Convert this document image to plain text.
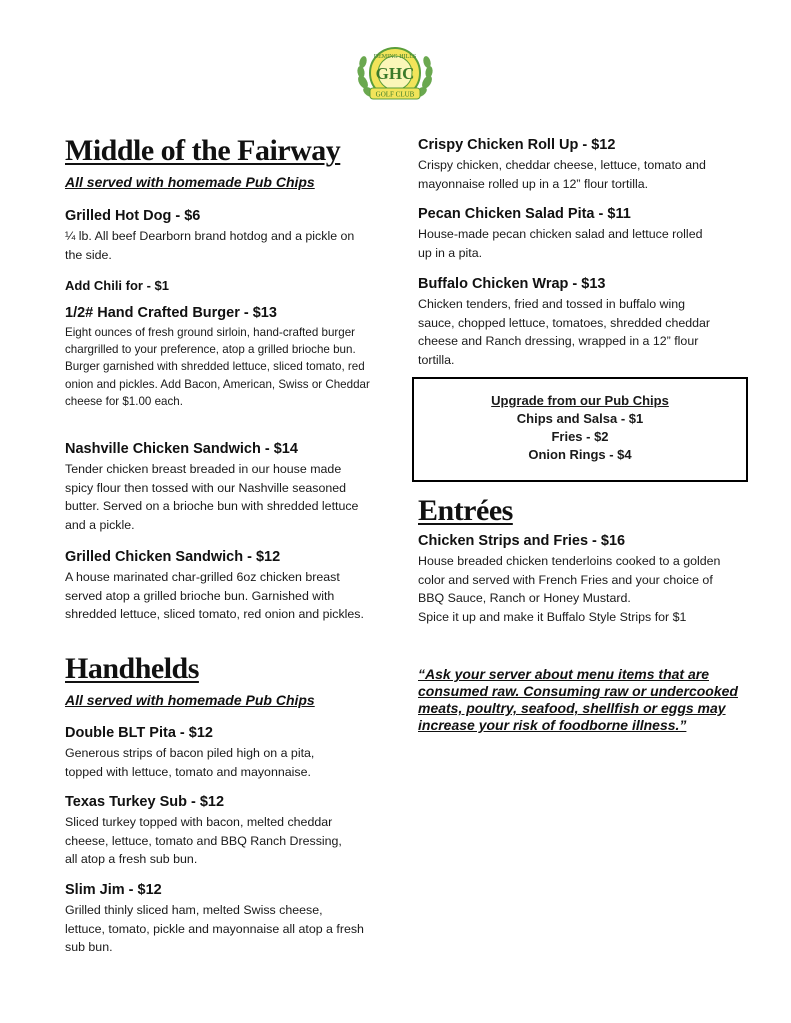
DEMING HILLS
GHC
GOLF CLUB
Middle of the Fairway

All served with homemade Pub Chips

Grilled Hot Dog - $6

¼ lb. All beef Dearborn brand hotdog and a pickle on the side.

Add Chili for - $1

1/2# Hand Crafted Burger - $13

Eight ounces of fresh ground sirloin, hand-crafted burger chargrilled to your preference, atop a grilled brioche bun. Burger garnished with shredded lettuce, sliced tomato, red onion and pickles. Add Bacon, American, Swiss or Cheddar cheese for $1.00 each.

Nashville Chicken Sandwich - $14

Tender chicken breast breaded in our house made spicy flour then tossed with our Nashville seasoned butter. Served on a brioche bun with shredded lettuce and a pickle.

Grilled Chicken Sandwich - $12

A house marinated char-grilled 6oz chicken breast served atop a grilled brioche bun. Garnished with shredded lettuce, sliced tomato, red onion and pickles.

Handhelds

All served with homemade Pub Chips

Double BLT Pita - $12

Generous strips of bacon piled high on a pita, topped with lettuce, tomato and mayonnaise.

Texas Turkey Sub - $12

Sliced turkey topped with bacon, melted cheddar cheese, lettuce, tomato and BBQ Ranch Dressing, all atop a fresh sub bun.

Slim Jim - $12

Grilled thinly sliced ham, melted Swiss cheese, lettuce, tomato, pickle and mayonnaise all atop a fresh sub bun.

Crispy Chicken Roll Up - $12

Crispy chicken, cheddar cheese, lettuce, tomato and mayonnaise rolled up in a 12” flour tortilla.

Pecan Chicken Salad Pita - $11

House-made pecan chicken salad and lettuce rolled up in a pita.

Buffalo Chicken Wrap - $13

Chicken tenders, fried and tossed in buffalo wing sauce, chopped lettuce, tomatoes, shredded cheddar cheese and Ranch dressing, wrapped in a 12” flour tortilla.

Entrées

Chicken Strips and Fries - $16

House breaded chicken tenderloins cooked to a golden color and served with French Fries and your choice of BBQ Sauce, Ranch or Honey Mustard.

Spice it up and make it Buffalo Style Strips for $1

Upgrade from our Pub Chips
Chips and Salsa - $1
Fries - $2
Onion Rings - $4

“Ask your server about menu items that are consumed raw. Consuming raw or undercooked meats, poultry, seafood, shellfish or eggs may increase your risk of foodborne illness.”
